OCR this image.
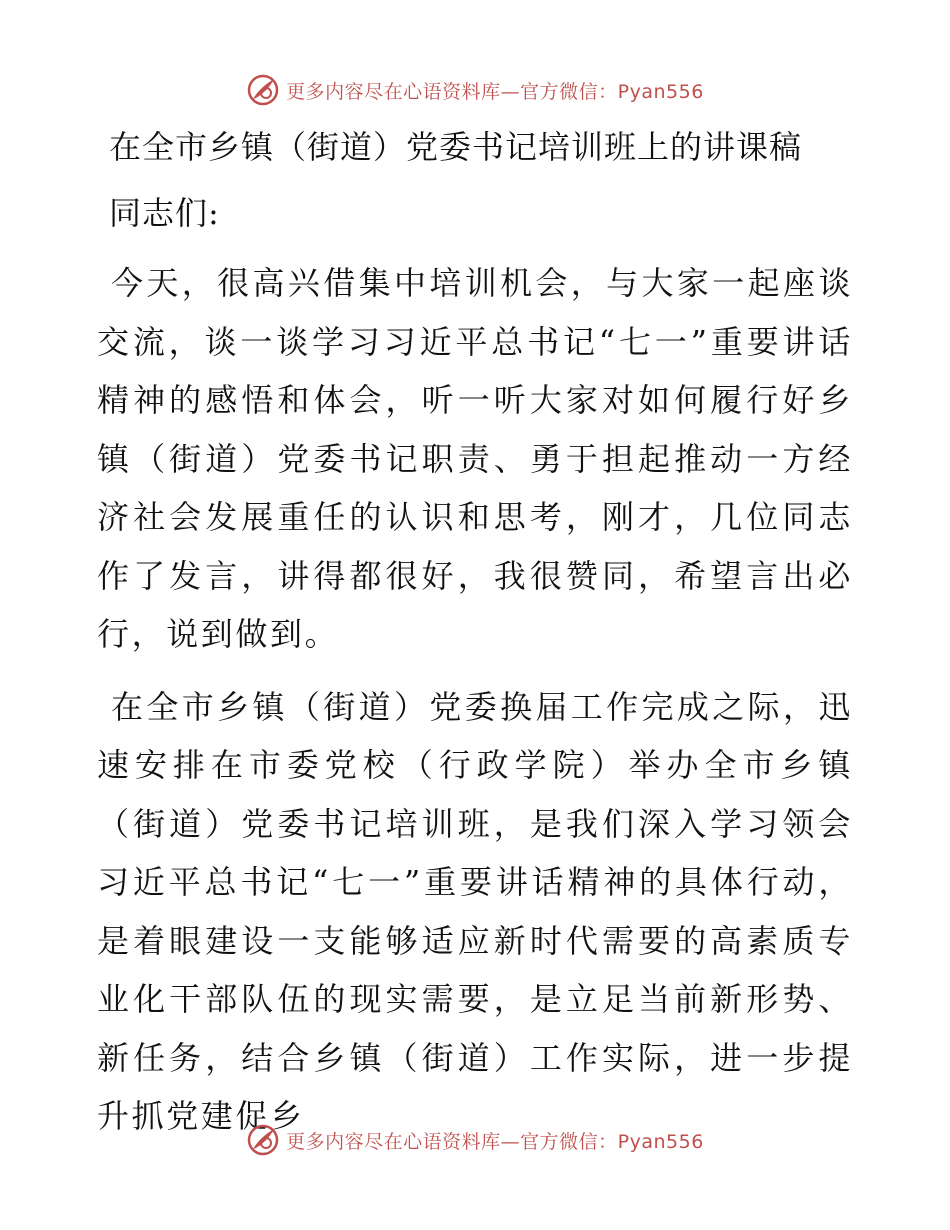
更多内容尽在心语资料库—官方微信：Pyan556
在全市乡镇（街道）党委书记培训班上的讲课稿
同志们:

今天，很高兴借集中培训机会，与大家一起座谈交流，谈一谈学习习近平总书记“七一”重要讲话精神的感悟和体会，听一听大家对如何履行好乡镇（街道）党委书记职责、勇于担起推动一方经济社会发展重任的认识和思考，刚才，几位同志作了发言，讲得都很好，我很赞同，希望言出必行，说到做到。

在全市乡镇（街道）党委换届工作完成之际，迅速安排在市委党校（行政学院）举办全市乡镇（街道）党委书记培训班，是我们深入学习领会习近平总书记“七一”重要讲话精神的具体行动，是着眼建设一支能够适应新时代需要的高素质专业化干部队伍的现实需要，是立足当前新形势、新任务，结合乡镇（街道）工作实际，进一步提升抓党建促乡

更多内容尽在心语资料库—官方微信：Pyan556
